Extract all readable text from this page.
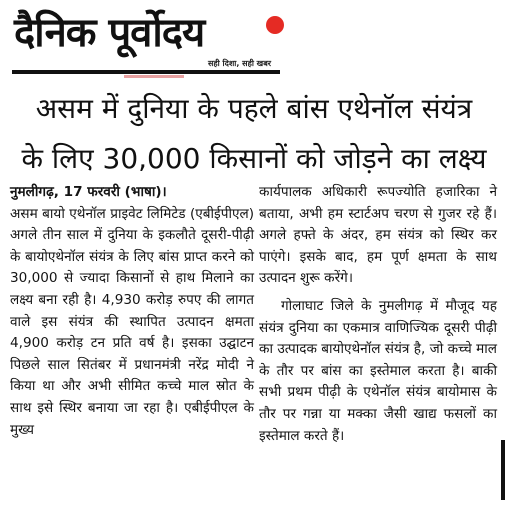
दैनिक पूर्वोदय
सही दिशा, सही खबर
असम में दुनिया के पहले बांस एथेनॉल संयंत्र
के लिए 30,000 किसानों को जोड़ने का लक्ष्य

नुमलीगढ़, 17 फरवरी (भाषा)।

असम बायो एथेनॉल प्राइवेट लिमिटेड (एबीईपीएल) अगले तीन साल में दुनिया के इकलौते दूसरी-पीढ़ी के बायोएथेनॉल संयंत्र के लिए बांस प्राप्त करने को 30,000 से ज्यादा किसानों से हाथ मिलाने का लक्ष्य बना रही है। 4,930 करोड़ रुपए की लागत वाले इस संयंत्र की स्थापित उत्पादन क्षमता 4,900 करोड़ टन प्रति वर्ष है। इसका उद्घाटन पिछले साल सितंबर में प्रधानमंत्री नरेंद्र मोदी ने किया था और अभी सीमित कच्चे माल स्रोत के साथ इसे स्थिर बनाया जा रहा है। एबीईपीएल के मुख्य

कार्यपालक अधिकारी रूपज्योति हजारिका ने बताया, अभी हम स्टार्टअप चरण से गुजर रहे हैं। अगले हफ्ते के अंदर, हम संयंत्र को स्थिर कर पाएंगे। इसके बाद, हम पूर्ण क्षमता के साथ उत्पादन शुरू करेंगे।

गोलाघाट जिले के नुमलीगढ़ में मौजूद यह संयंत्र दुनिया का एकमात्र वाणिज्यिक दूसरी पीढ़ी का उत्पादक बायोएथेनॉल संयंत्र है, जो कच्चे माल के तौर पर बांस का इस्तेमाल करता है। बाकी सभी प्रथम पीढ़ी के एथेनॉल संयंत्र बायोमास के तौर पर गन्ना या मक्का जैसी खाद्य फसलों का इस्तेमाल करते हैं।
